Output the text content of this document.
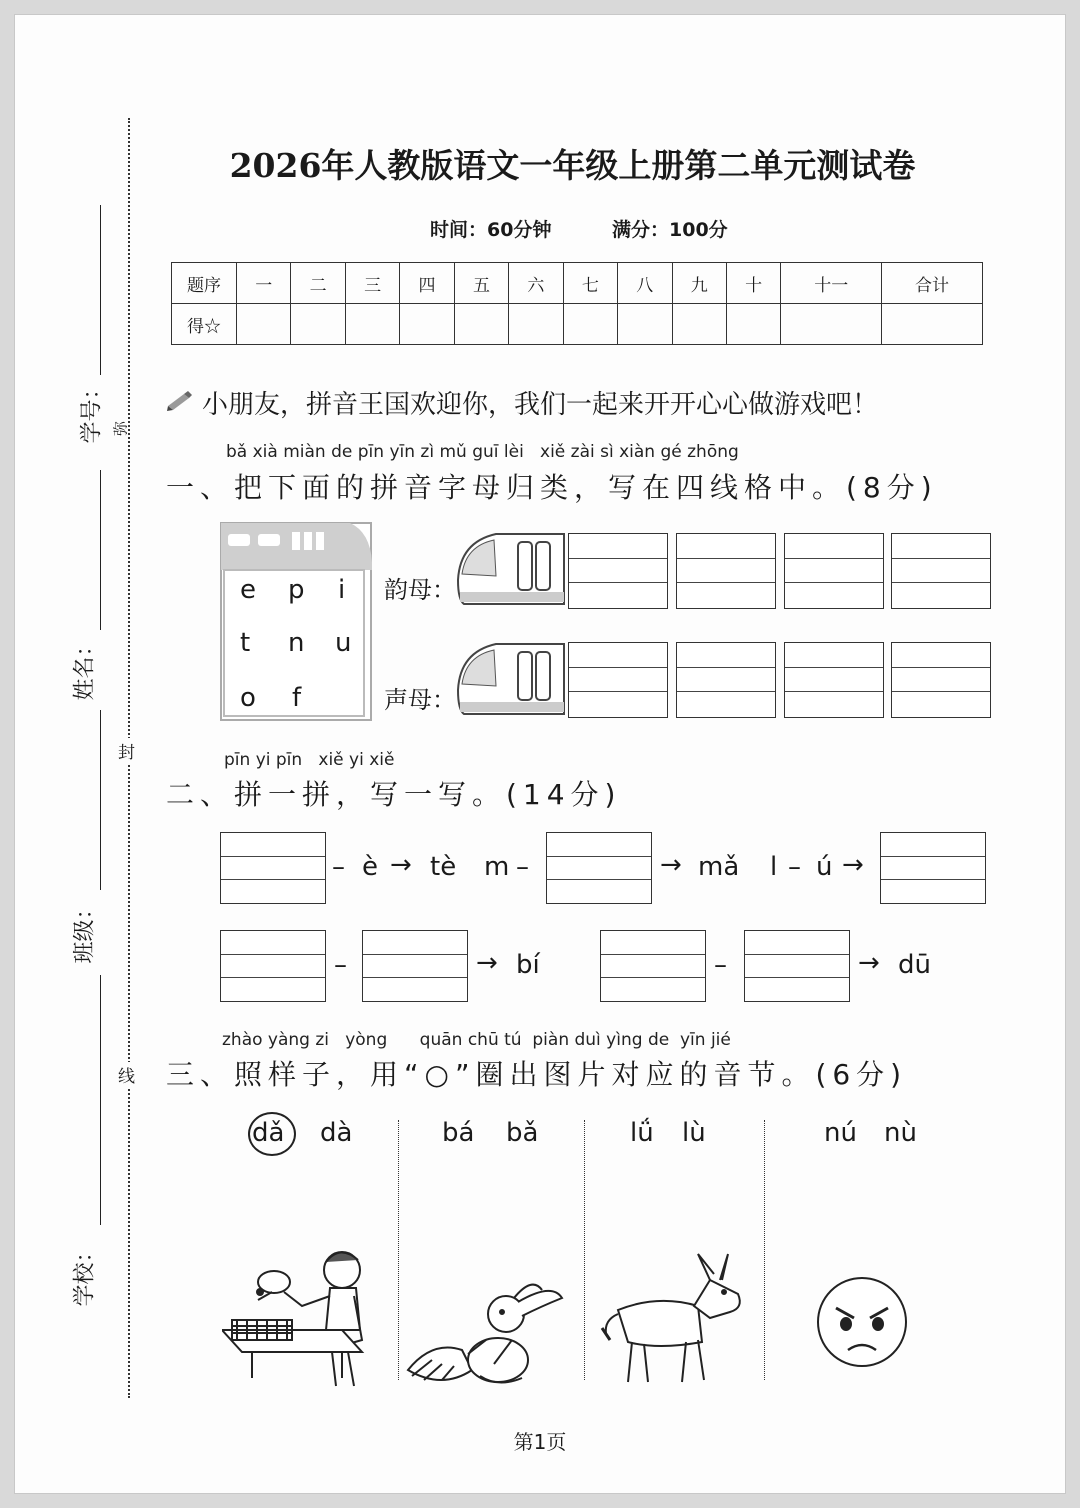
弥
封
线
学号：
姓名：
班级：
学校：
2026年人教版语文一年级上册第二单元测试卷
时间：60分钟	满分：100分
题序	一	二	三	四	五	六	七	八	九	十	十一	合计
得☆												
小朋友，拼音王国欢迎你，我们一起来开开心心做游戏吧！
bǎ xià miàn de pīn yīn zì mǔ guī lèi   xiě zài sì xiàn gé zhōng
一、把下面的拼音字母归类，写在四线格中。(8分)
e p i
t n u
o f
韵母：
声母：
pīn yi pīn   xiě yi xiě
二、拼一拼，写一写。(14分)
– è → tè m –	→ mǎ l – ú →
–	→ bí	–	→ dū
zhào yàng zi   yòng      quān chū tú  piàn duì yìng de  yīn jié
三、照样子，用“○”圈出图片对应的音节。(6分)
dǎ dà	bá bǎ	lǘ lù	nú nù
第1页
